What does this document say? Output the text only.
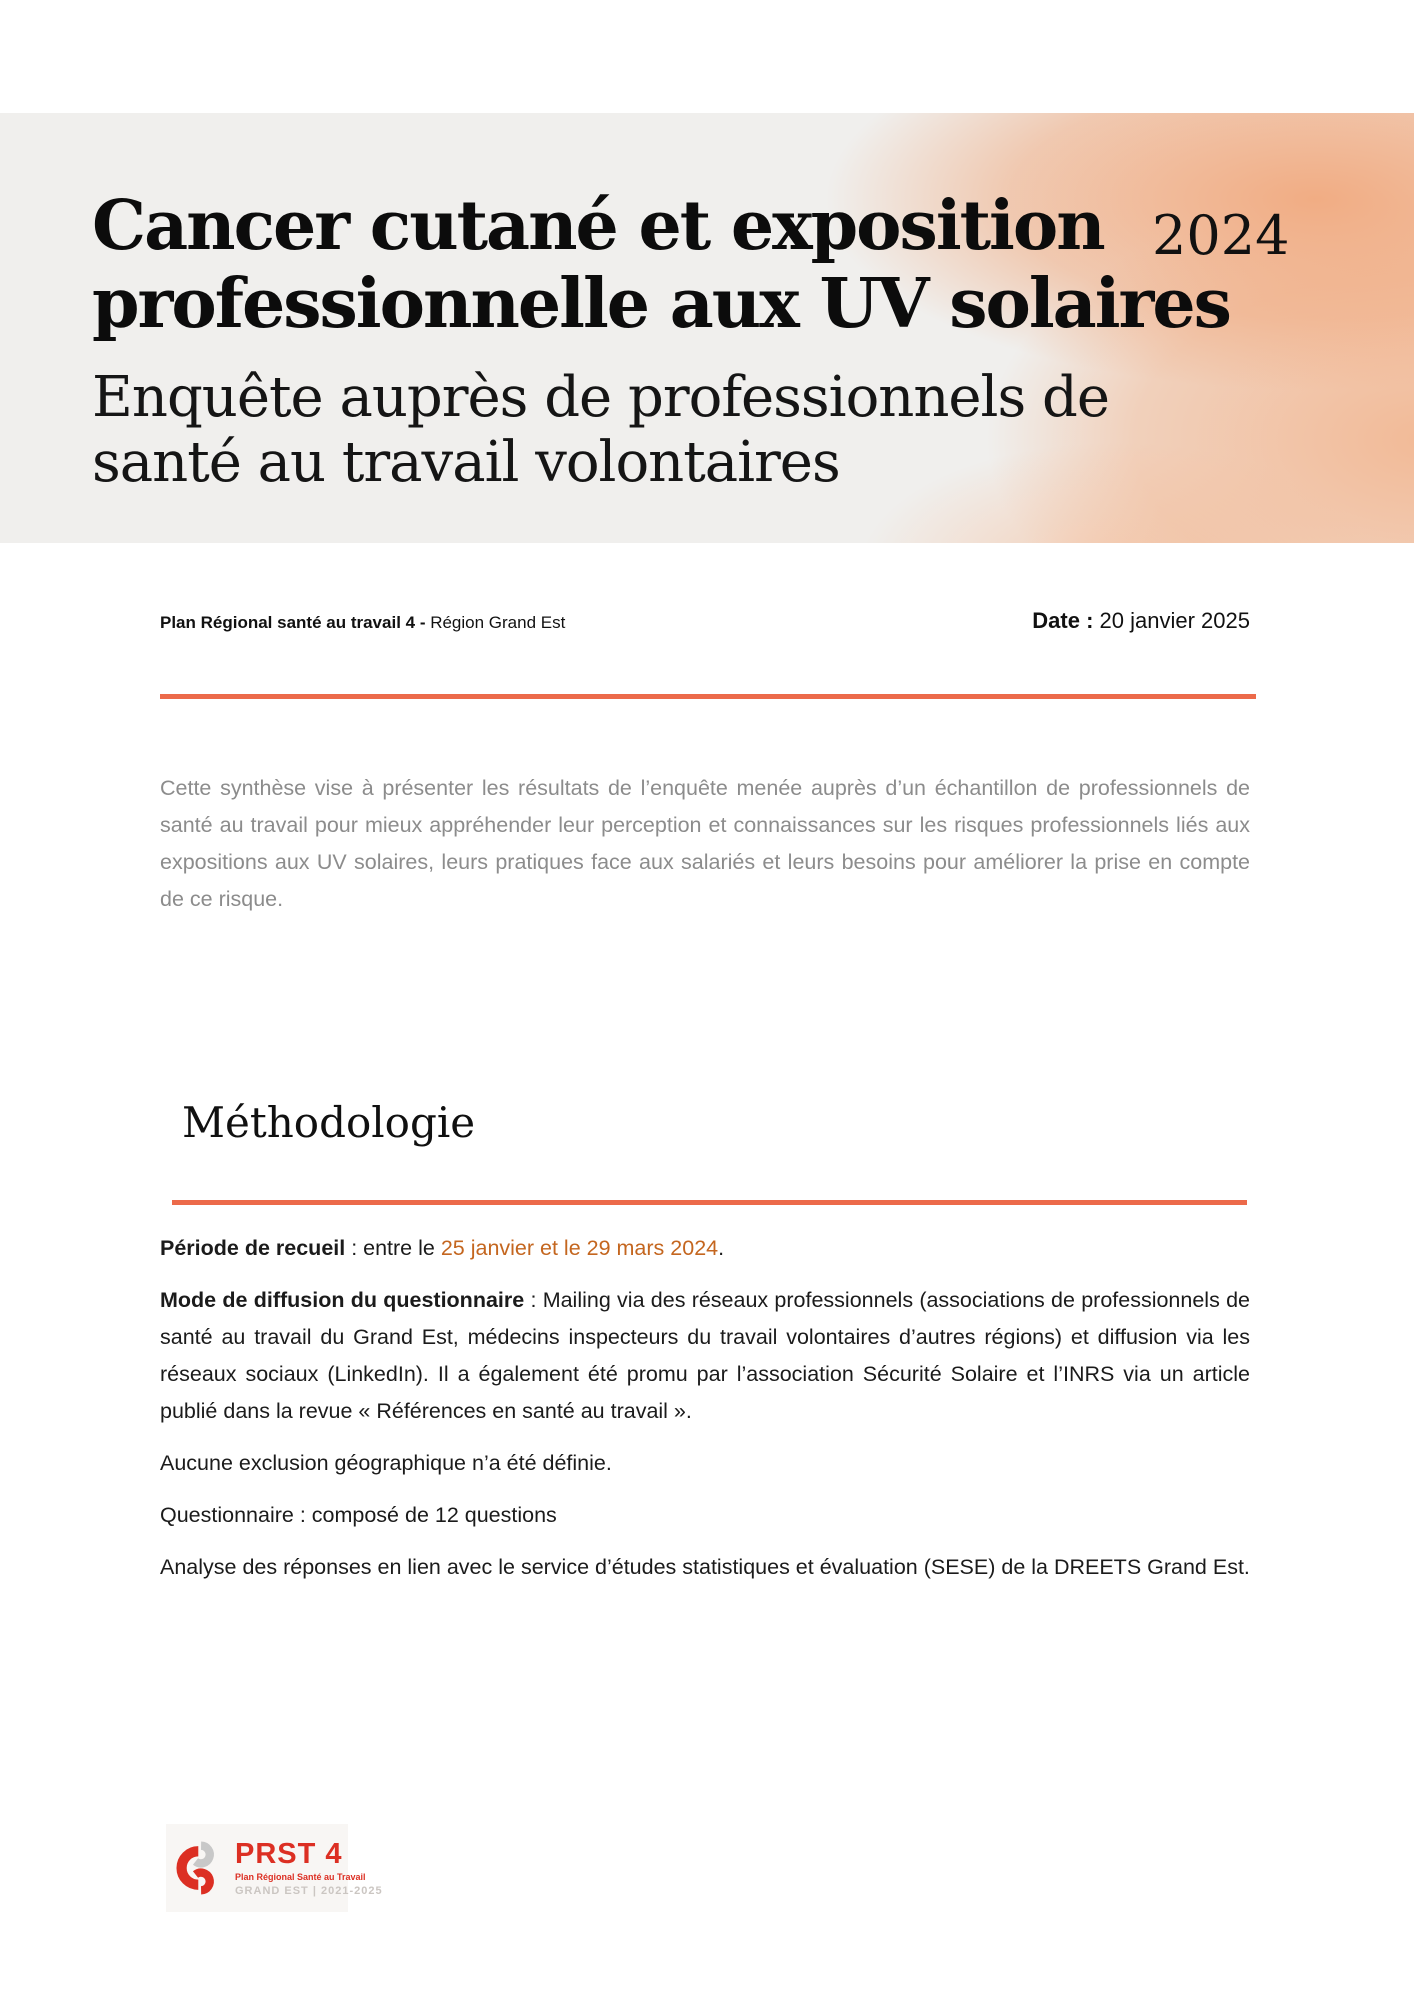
Cancer cutané et exposition
professionnelle aux UV solaires
2024
Enquête auprès de professionnels de
santé au travail volontaires
Plan Régional santé au travail 4 - Région Grand Est	Date : 20 janvier 2025
Cette synthèse vise à présenter les résultats de l’enquête menée auprès d’un échantillon de professionnels de santé au travail pour mieux appréhender leur perception et connaissances sur les risques professionnels liés aux expositions aux UV solaires, leurs pratiques face aux salariés et leurs besoins pour améliorer la prise en compte de ce risque.
Méthodologie

Période de recueil : entre le 25 janvier et le 29 mars 2024.

Mode de diffusion du questionnaire : Mailing via des réseaux professionnels (associations de professionnels de santé au travail du Grand Est, médecins inspecteurs du travail volontaires d’autres régions) et diffusion via les réseaux sociaux (LinkedIn). Il a également été promu par l’association Sécurité Solaire et l’INRS via un article publié dans la revue « Références en santé au travail ».

Aucune exclusion géographique n’a été définie.

Questionnaire : composé de 12 questions

Analyse des réponses en lien avec le service d’études statistiques et évaluation (SESE) de la DREETS Grand Est.

PRST 4
Plan Régional Santé au Travail
GRAND EST | 2021-2025
